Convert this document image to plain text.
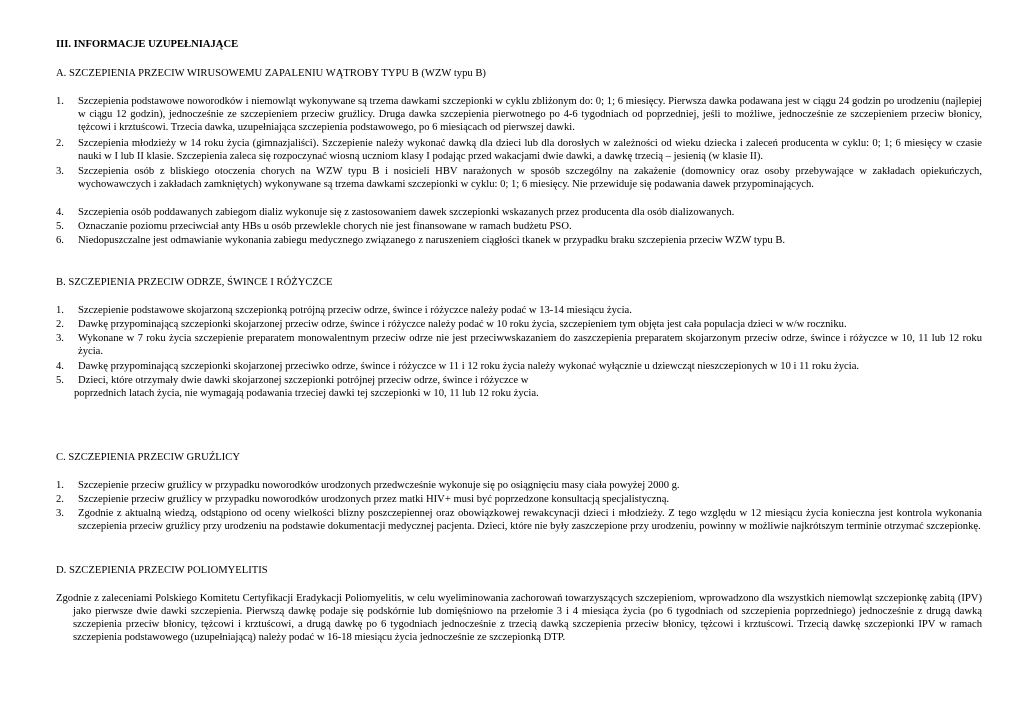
III. INFORMACJE UZUPEŁNIAJĄCE
A. SZCZEPIENIA PRZECIW WIRUSOWEMU ZAPALENIU WĄTROBY TYPU B (WZW typu B)
1. Szczepienia podstawowe noworodków i niemowląt wykonywane są trzema dawkami szczepionki w cyklu zbliżonym do: 0; 1; 6 miesięcy. Pierwsza dawka podawana jest w ciągu 24 godzin po urodzeniu (najlepiej w ciągu 12 godzin), jednocześnie ze szczepieniem przeciw gruźlicy. Druga dawka szczepienia pierwotnego po 4-6 tygodniach od poprzedniej, jeśli to możliwe, jednocześnie ze szczepieniem przeciw błonicy, tężcowi i krztuścowi. Trzecia dawka, uzupełniająca szczepienia podstawowego, po 6 miesiącach od pierwszej dawki.
2. Szczepienia młodzieży w 14 roku życia (gimnazjaliści). Szczepienie należy wykonać dawką dla dzieci lub dla dorosłych w zależności od wieku dziecka i zaleceń producenta w cyklu: 0; 1; 6 miesięcy w czasie nauki w I lub II klasie. Szczepienia zaleca się rozpoczynać wiosną uczniom klasy I podając przed wakacjami dwie dawki, a dawkę trzecią – jesienią (w klasie II).
3. Szczepienia osób z bliskiego otoczenia chorych na WZW typu B i nosicieli HBV narażonych w sposób szczególny na zakażenie (domownicy oraz osoby przebywające w zakładach opiekuńczych, wychowawczych i zakładach zamkniętych) wykonywane są trzema dawkami szczepionki w cyklu: 0; 1; 6 miesięcy. Nie przewiduje się podawania dawek przypominających.
4. Szczepienia osób poddawanych zabiegom dializ wykonuje się z zastosowaniem dawek szczepionki wskazanych przez producenta dla osób dializowanych.
5. Oznaczanie poziomu przeciwciał anty HBs u osób przewlekle chorych nie jest finansowane w ramach budżetu PSO.
6. Niedopuszczalne jest odmawianie wykonania zabiegu medycznego związanego z naruszeniem ciągłości tkanek w przypadku braku szczepienia przeciw WZW typu B.
B. SZCZEPIENIA PRZECIW ODRZE, ŚWINCE I RÓŻYCZCE
1. Szczepienie podstawowe skojarzoną szczepionką potrójną przeciw odrze, śwince i różyczce należy podać w 13-14 miesiącu życia.
2. Dawkę przypominającą szczepionki skojarzonej przeciw odrze, śwince i różyczce należy podać w 10 roku życia, szczepieniem tym objęta jest cała populacja dzieci w w/w roczniku.
3. Wykonane w 7 roku życia szczepienie preparatem monowalentnym przeciw odrze nie jest przeciwwskazaniem do zaszczepienia preparatem skojarzonym przeciw odrze, śwince i różyczce w 10, 11 lub 12 roku życia.
4. Dawkę przypominającą szczepionki skojarzonej przeciwko odrze, śwince i różyczce w 11 i 12 roku życia należy wykonać wyłącznie u dziewcząt nieszczepionych w 10 i 11 roku życia.
5. Dzieci, które otrzymały dwie dawki skojarzonej szczepionki potrójnej przeciw odrze, śwince i różyczce w
poprzednich latach życia, nie wymagają podawania trzeciej dawki tej szczepionki w 10, 11 lub 12 roku życia.
C. SZCZEPIENIA PRZECIW GRUŹLICY
1. Szczepienie przeciw gruźlicy w przypadku noworodków urodzonych przedwcześnie wykonuje się po osiągnięciu masy ciała powyżej 2000 g.
2. Szczepienie przeciw gruźlicy w przypadku noworodków urodzonych przez matki HIV+ musi być poprzedzone konsultacją specjalistyczną.
3. Zgodnie z aktualną wiedzą, odstąpiono od oceny wielkości blizny poszczepiennej oraz obowiązkowej rewakcynacji dzieci i młodzieży. Z tego względu w 12 miesiącu życia konieczna jest kontrola wykonania szczepienia przeciw gruźlicy przy urodzeniu na podstawie dokumentacji medycznej pacjenta. Dzieci, które nie były zaszczepione przy urodzeniu, powinny w możliwie najkrótszym terminie otrzymać szczepionkę.
D. SZCZEPIENIA PRZECIW POLIOMYELITIS
Zgodnie z zaleceniami Polskiego Komitetu Certyfikacji Eradykacji Poliomyelitis, w celu wyeliminowania zachorowań towarzyszących szczepieniom, wprowadzono dla wszystkich niemowląt szczepionkę zabitą (IPV) jako pierwsze dwie dawki szczepienia. Pierwszą dawkę podaje się podskórnie lub domięśniowo na przełomie 3 i 4 miesiąca życia (po 6 tygodniach od szczepienia poprzedniego) jednocześnie z drugą dawką szczepienia przeciw błonicy, tężcowi i krztuścowi, a drugą dawkę po 6 tygodniach jednocześnie z trzecią dawką szczepienia przeciw błonicy, tężcowi i krztuścowi. Trzecią dawkę szczepionki IPV w ramach szczepienia podstawowego (uzupełniającą) należy podać w 16-18 miesiącu życia jednocześnie ze szczepionką DTP.
